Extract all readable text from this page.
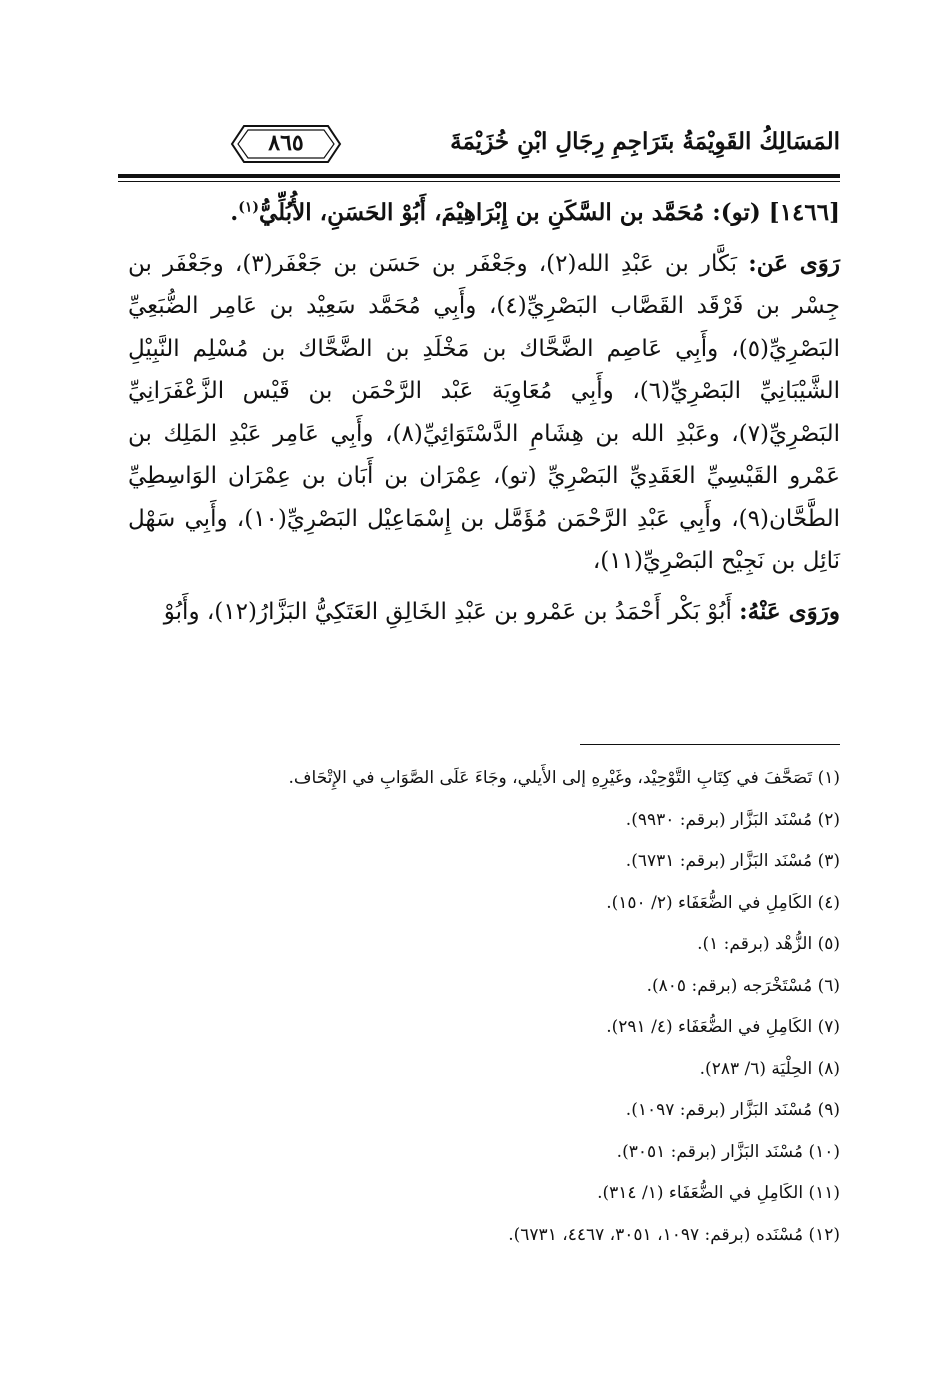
المَسَالِكُ القَوِيْمَةُ بتَرَاجِمِ رِجَالِ ابْنِ خُزَيْمَةَ
٨٦٥

[١٤٦٦] (تو): مُحَمَّد بن السَّكَنِ بن إِبْرَاهِيْمَ، أَبُوْ الحَسَنِ، الأُبُلِّيُّ$^{(١)}$.

رَوَى عَن: بَكَّار بن عَبْدِ الله(٢)، وجَعْفَر بن حَسَن بن جَعْفَر(٣)، وجَعْفَر بن جِسْر بن فَرْقَد القَصَّاب البَصْرِيِّ(٤)، وأَبِي مُحَمَّد سَعِيْد بن عَامِر الضُّبَعِيِّ البَصْرِيِّ(٥)، وأَبِي عَاصِم الضَّحَّاك بن مَخْلَدِ بن الضَّحَّاك بن مُسْلِم النَّبِيْلِ الشَّيْبَانِيِّ البَصْرِيِّ(٦)، وأَبِي مُعَاوِيَة عَبْد الرَّحْمَن بن قَيْس الزَّعْفَرَانِيِّ البَصْرِيِّ(٧)، وعَبْدِ الله بن هِشَامِ الدَّسْتَوَائِيِّ(٨)، وأَبِي عَامِر عَبْدِ المَلِك بن عَمْرو القَيْسِيِّ العَقَدِيِّ البَصْرِيِّ (تو)، عِمْرَان بن أَبَان بن عِمْرَان الوَاسِطِيِّ الطَّحَّان(٩)، وأَبِي عَبْدِ الرَّحْمَن مُؤَمَّل بن إِسْمَاعِيْل البَصْرِيِّ(١٠)، وأَبِي سَهْل نَائِل بن نَجِيْح البَصْرِيِّ(١١)،

ورَوَى عَنْهُ: أَبُوْ بَكْر أَحْمَدُ بن عَمْرو بن عَبْدِ الخَالِقِ العَتَكِيُّ البَزَّارُ(١٢)، وأَبُوْ

(١) تَصَحَّفَ في كِتَابِ التَّوْحِيْد، وغَيْرِهِ إلى الأَيلي، وجَاءَ عَلَى الصَّوَابِ في الإِتْحَاف.
(٢) مُسْنَد البَزَّار (برقم: ٩٩٣٠).
(٣) مُسْنَد البَزَّار (برقم: ٦٧٣١).
(٤) الكَامِلِ في الضُّعَفَاء (٢/ ١٥٠).
(٥) الزُّهْد (برقم: ١).
(٦) مُسْتَخْرَجه (برقم: ٨٠٥).
(٧) الكَامِلِ في الضُّعَفَاء (٤/ ٢٩١).
(٨) الحِلْيَة (٦/ ٢٨٣).
(٩) مُسْنَد البَزَّار (برقم: ١٠٩٧).
(١٠) مُسْنَد البَزَّار (برقم: ٣٠٥١).
(١١) الكَامِلِ في الضُّعَفَاء (١/ ٣١٤).
(١٢) مُسْنَده (برقم: ١٠٩٧، ٣٠٥١، ٤٤٦٧، ٦٧٣١).
